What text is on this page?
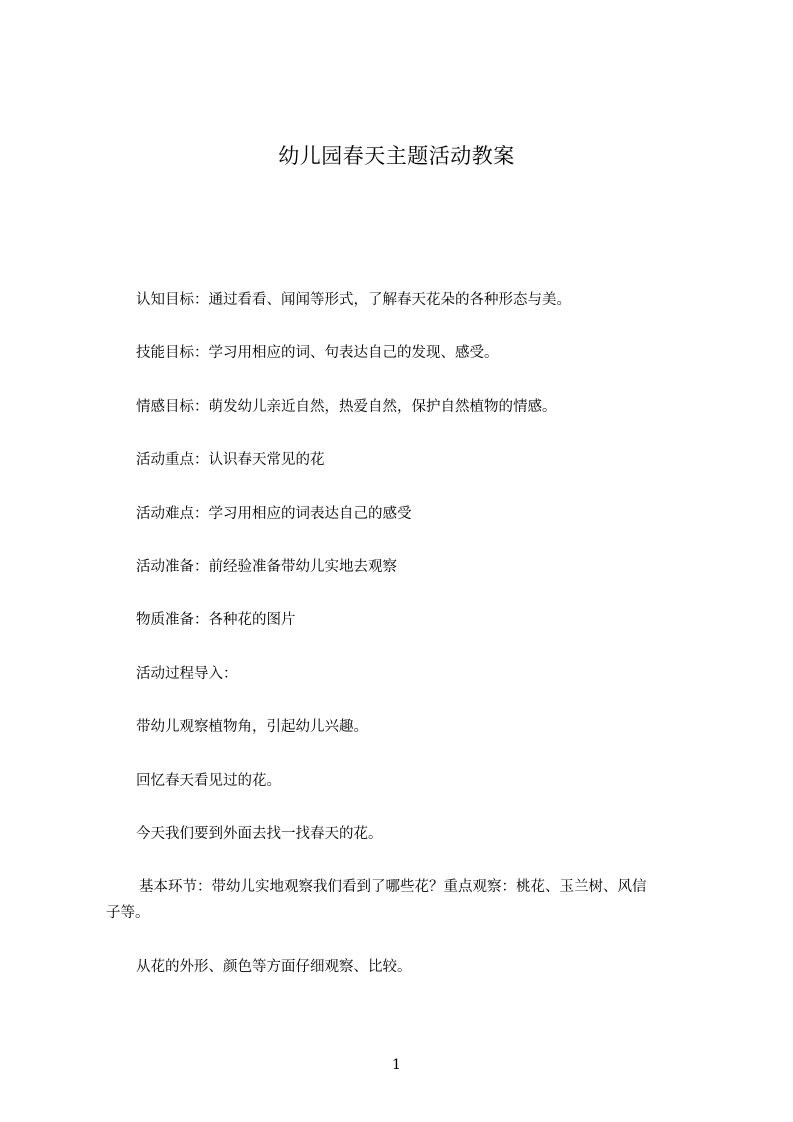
幼儿园春天主题活动教案
认知目标：通过看看、闻闻等形式，了解春天花朵的各种形态与美。
技能目标：学习用相应的词、句表达自己的发现、感受。
情感目标：萌发幼儿亲近自然，热爱自然，保护自然植物的情感。
活动重点：认识春天常见的花
活动难点：学习用相应的词表达自己的感受
活动准备：前经验准备带幼儿实地去观察
物质准备：各种花的图片
活动过程导入：
带幼儿观察植物角，引起幼儿兴趣。
回忆春天看见过的花。
今天我们要到外面去找一找春天的花。
基本环节：带幼儿实地观察我们看到了哪些花？重点观察：桃花、玉兰树、风信
子等。
从花的外形、颜色等方面仔细观察、比较。
1
